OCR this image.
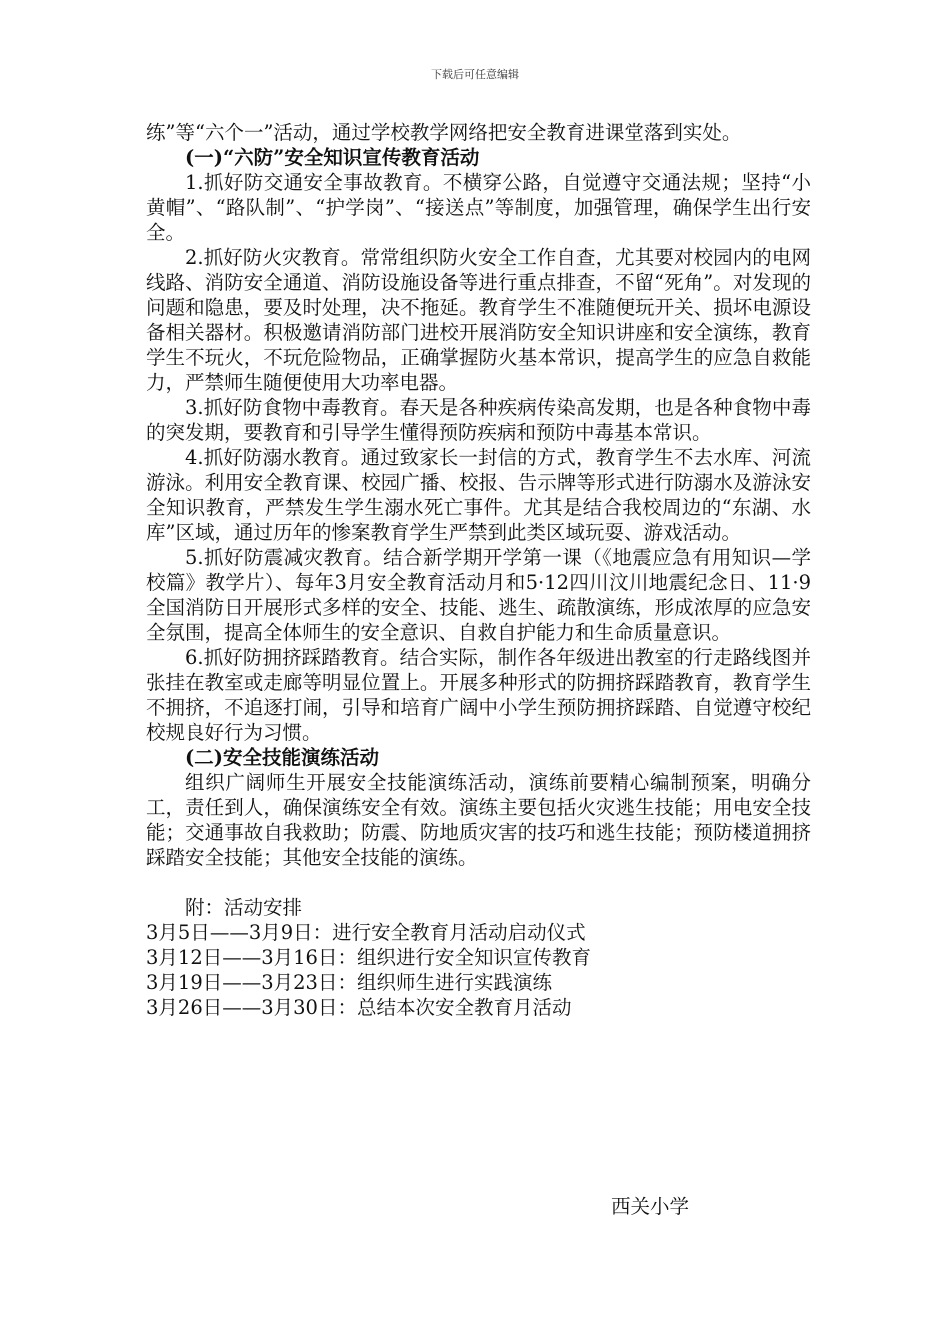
下载后可任意编辑

练”等“六个一”活动，通过学校教学网络把安全教育进课堂落到实处。

(一)“六防”安全知识宣传教育活动

1.抓好防交通安全事故教育。不横穿公路，自觉遵守交通法规；坚持“小黄帽”、“路队制”、“护学岗”、“接送点”等制度，加强管理，确保学生出行安全。

2.抓好防火灾教育。常常组织防火安全工作自查，尤其要对校园内的电网线路、消防安全通道、消防设施设备等进行重点排查，不留“死角”。对发现的问题和隐患，要及时处理，决不拖延。教育学生不准随便玩开关、损坏电源设备相关器材。积极邀请消防部门进校开展消防安全知识讲座和安全演练，教育学生不玩火，不玩危险物品，正确掌握防火基本常识，提高学生的应急自救能力，严禁师生随便使用大功率电器。

3.抓好防食物中毒教育。春天是各种疾病传染高发期，也是各种食物中毒的突发期，要教育和引导学生懂得预防疾病和预防中毒基本常识。

4.抓好防溺水教育。通过致家长一封信的方式，教育学生不去水库、河流游泳。利用安全教育课、校园广播、校报、告示牌等形式进行防溺水及游泳安全知识教育，严禁发生学生溺水死亡事件。尤其是结合我校周边的“东湖、水库”区域，通过历年的惨案教育学生严禁到此类区域玩耍、游戏活动。

5.抓好防震减灾教育。结合新学期开学第一课（《地震应急有用知识—学校篇》教学片）、每年3月安全教育活动月和5·12四川汶川地震纪念日、11·9全国消防日开展形式多样的安全、技能、逃生、疏散演练，形成浓厚的应急安全氛围，提高全体师生的安全意识、自救自护能力和生命质量意识。

6.抓好防拥挤踩踏教育。结合实际，制作各年级进出教室的行走路线图并张挂在教室或走廊等明显位置上。开展多种形式的防拥挤踩踏教育，教育学生不拥挤，不追逐打闹，引导和培育广阔中小学生预防拥挤踩踏、自觉遵守校纪校规良好行为习惯。

(二)安全技能演练活动

组织广阔师生开展安全技能演练活动，演练前要精心编制预案，明确分工，责任到人，确保演练安全有效。演练主要包括火灾逃生技能；用电安全技能；交通事故自我救助；防震、防地质灾害的技巧和逃生技能；预防楼道拥挤踩踏安全技能；其他安全技能的演练。

附：活动安排

3月5日——3月9日：进行安全教育月活动启动仪式

3月12日——3月16日：组织进行安全知识宣传教育

3月19日——3月23日：组织师生进行实践演练

3月26日——3月30日：总结本次安全教育月活动

西关小学
